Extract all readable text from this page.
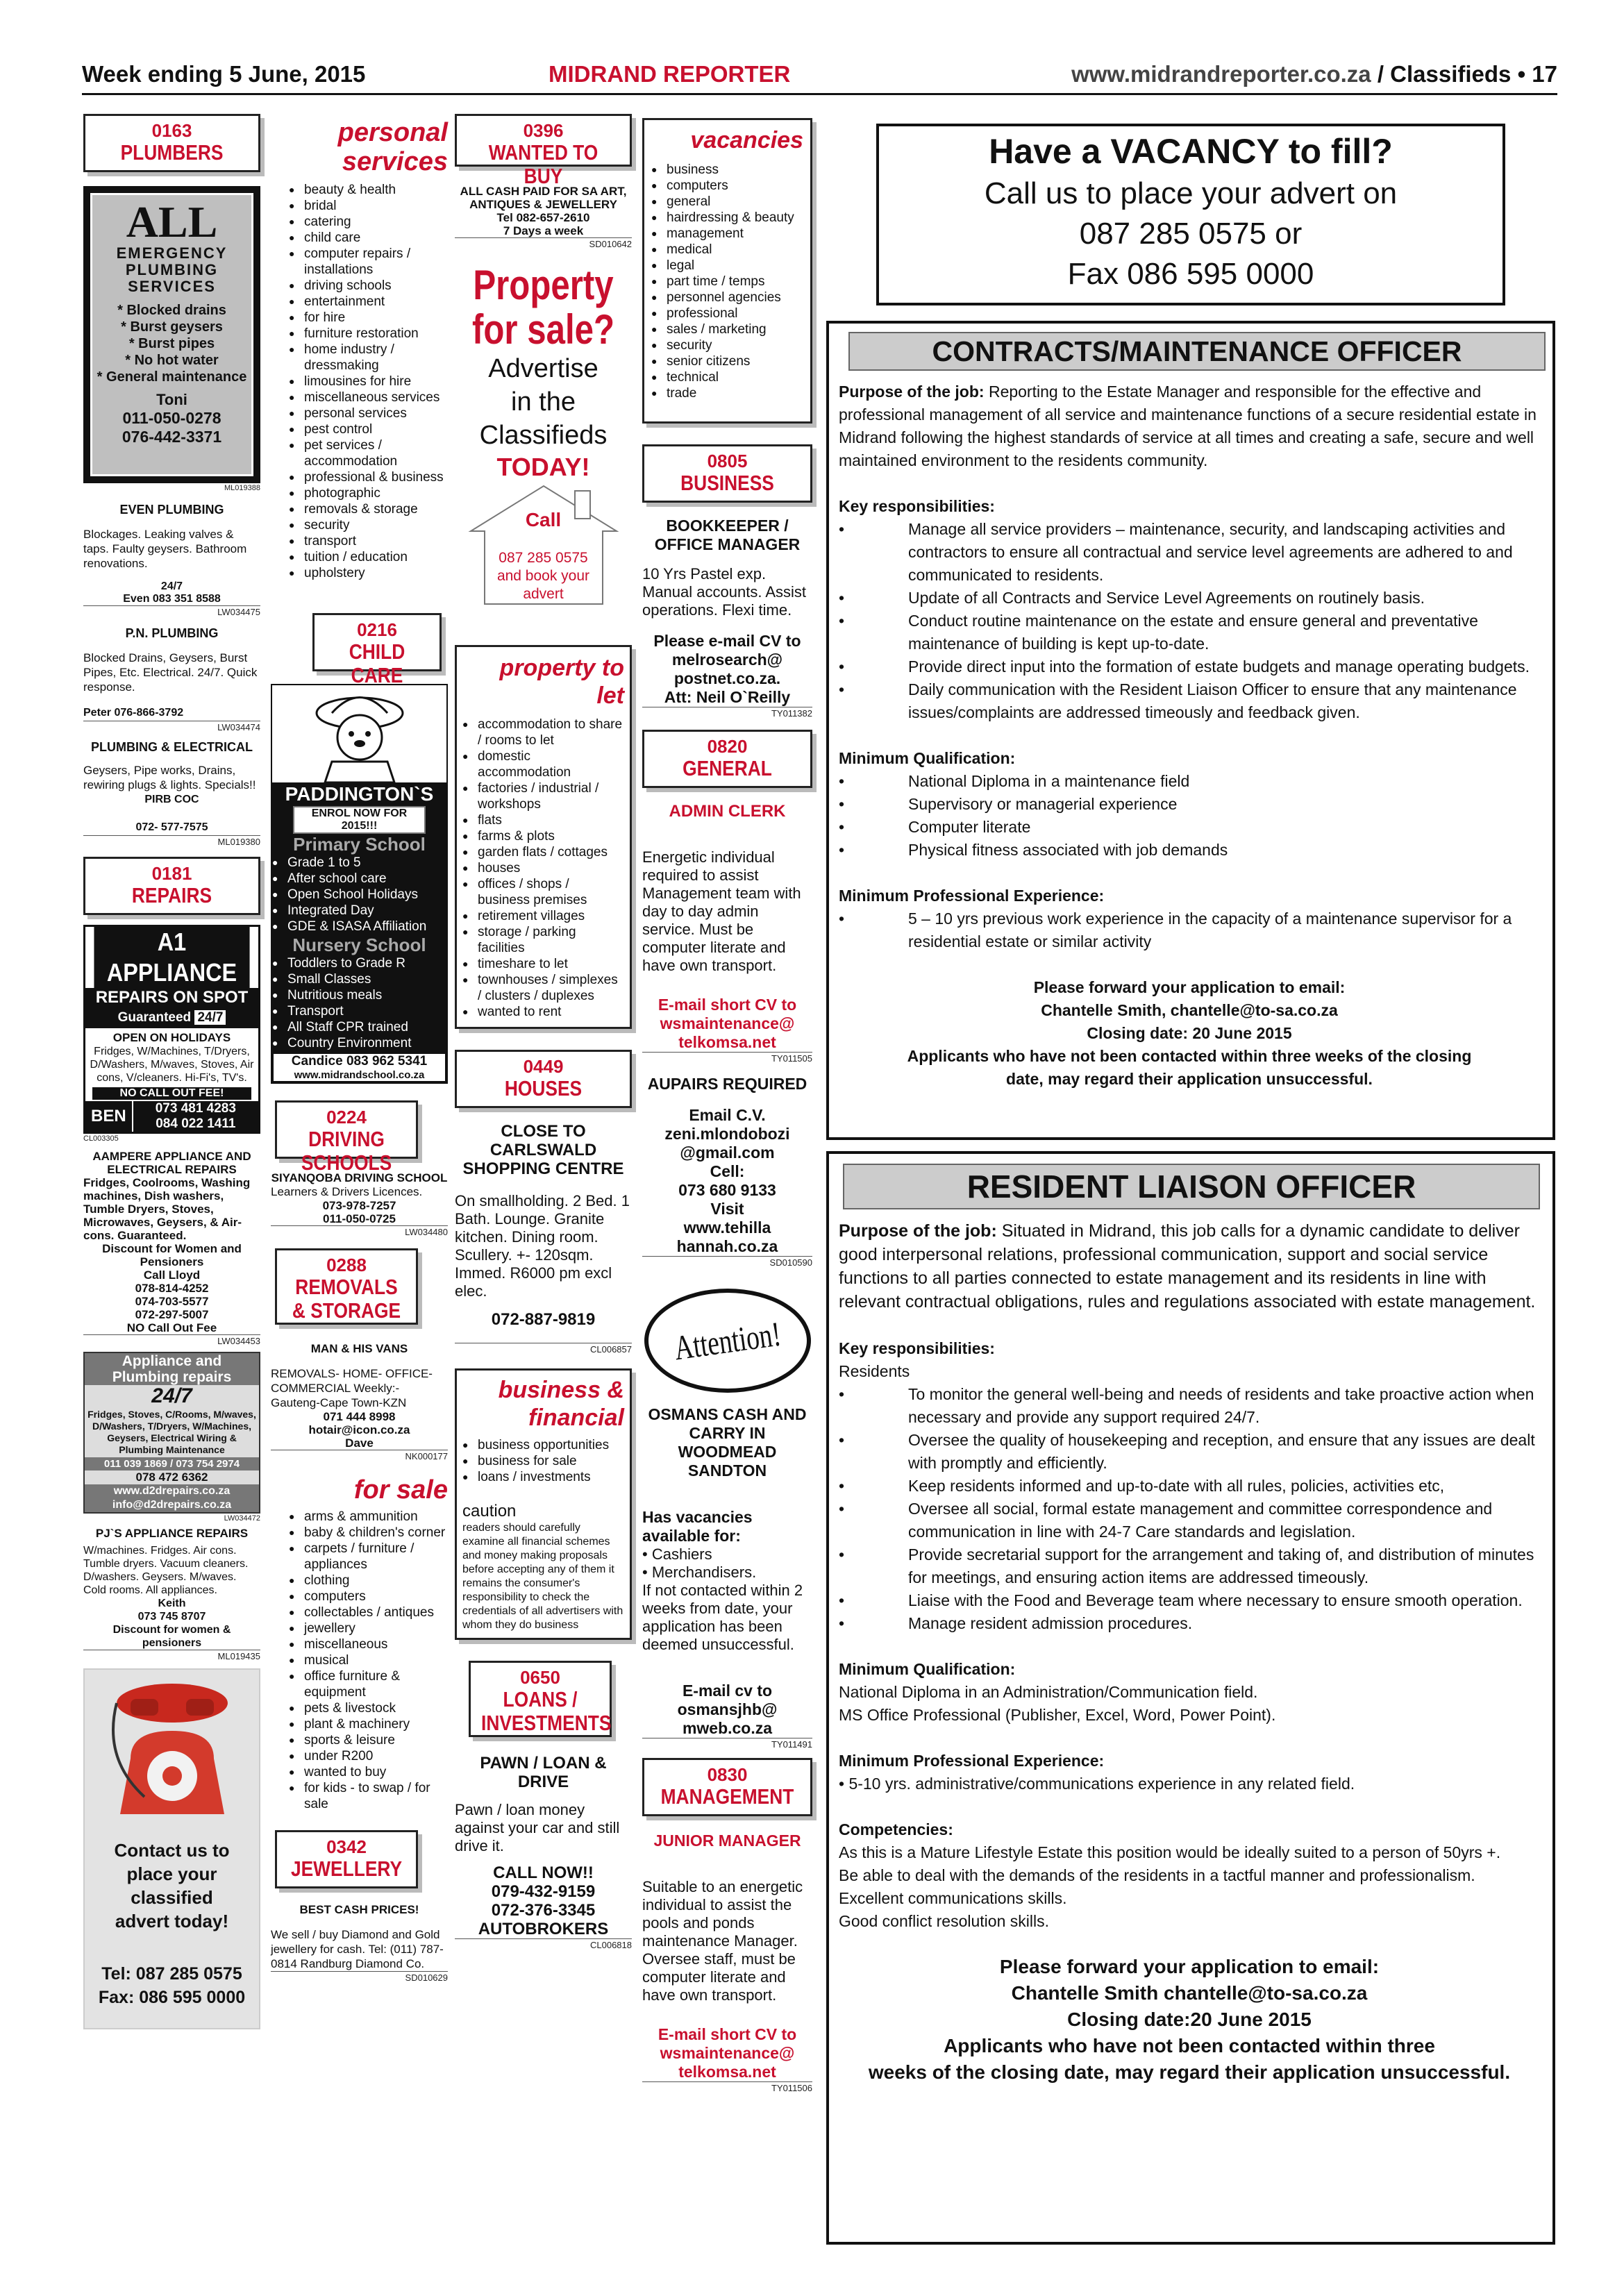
Week ending 5 June, 2015	MIDRAND REPORTER	www.midrandreporter.co.za / Classifieds • 17
0163
PLUMBERS
ALL
EMERGENCY PLUMBING SERVICES
* Blocked drains
* Burst geysers
* Burst pipes
* No hot water
* General maintenance
Toni
011-050-0278
076-442-3371
ML019388
EVEN PLUMBING
Blockages. Leaking valves & taps. Faulty geysers. Bathroom renovations.
24/7
Even 083 351 8588
LW034475
P.N. PLUMBING
Blocked Drains, Geysers, Burst Pipes, Etc. Electrical. 24/7. Quick response.
Peter 076-866-3792
LW034474
PLUMBING & ELECTRICAL
Geysers, Pipe works, Drains, rewiring plugs & lights. Specials!!
PIRB COC
072- 577-7575
ML019380
0181
REPAIRS
A1 APPLIANCE
REPAIRS ON SPOT
Guaranteed 24/7
OPEN ON HOLIDAYS
Fridges, W/Machines, T/Dryers, D/Washers, M/waves, Stoves, Air cons, V/cleaners. Hi-Fi's, TV's.
NO CALL OUT FEE!
BEN	073 481 4283
084 022 1411
CL003305
AAMPERE APPLIANCE AND ELECTRICAL REPAIRS
Fridges, Coolrooms, Washing machines, Dish washers, Tumble Dryers, Stoves, Microwaves, Geysers, & Air-cons. Guaranteed.
Discount for Women and Pensioners
Call Lloyd
078-814-4252
074-703-5577
072-297-5007
NO Call Out Fee
LW034453
Appliance and
Plumbing repairs
24/7
Fridges, Stoves, C/Rooms, M/waves, D/Washers, T/Dryers, W/Machines, Geysers, Electrical Wiring & Plumbing Maintenance
011 039 1869 / 073 754 2974
078 472 6362
www.d2drepairs.co.za
info@d2drepairs.co.za
LW034472
PJ`S APPLIANCE REPAIRS
W/machines. Fridges. Air cons. Tumble dryers. Vacuum cleaners. D/washers. Geysers. M/waves. Cold rooms. All appliances.
Keith
073 745 8707
Discount for women & pensioners
ML019435
Contact us to
place your
classified
advert today!
Tel: 087 285 0575
Fax: 086 595 0000
personal
services
● beauty & health
● bridal
● catering
● child care
● computer repairs / installations
● driving schools
● entertainment
● for hire
● furniture restoration
● home industry / dressmaking
● limousines for hire
● miscellaneous services
● personal services
● pest control
● pet services / accommodation
● professional & business
● photographic
● removals & storage
● security
● transport
● tuition / education
● upholstery
0216
CHILD CARE
PADDINGTON`S
ENROL NOW FOR
2015!!!
Primary School
● Grade 1 to 5
● After school care
● Open School Holidays
● Integrated Day
● GDE & ISASA Affiliation
Nursery School
● Toddlers to Grade R
● Small Classes
● Nutritious meals
● Transport
● All Staff CPR trained
● Country Environment
Candice 083 962 5341
www.midrandschool.co.za
0224
DRIVING SCHOOLS
SIYANQOBA DRIVING SCHOOL
Learners & Drivers Licences.
073-978-7257
011-050-0725
LW034480
0288
REMOVALS & STORAGE
MAN & HIS VANS
REMOVALS- HOME- OFFICE- COMMERCIAL Weekly:-Gauteng-Cape Town-KZN
071 444 8998
hotair@icon.co.za
Dave
NK000177
for sale
● arms & ammunition
● baby & children's corner
● carpets / furniture / appliances
● clothing
● computers
● collectables / antiques
● jewellery
● miscellaneous
● musical
● office furniture & equipment
● pets & livestock
● plant & machinery
● sports & leisure
● under R200
● wanted to buy
● for kids - to swap / for sale
0342
JEWELLERY
BEST CASH PRICES!
We sell / buy Diamond and Gold jewellery for cash. Tel: (011) 787-0814 Randburg Diamond Co.
SD010629
0396
WANTED TO BUY
ALL CASH PAID FOR SA ART, ANTIQUES & JEWELLERY
Tel 082-657-2610
7 Days a week
SD010642
Property
for sale?
Advertise
in the
Classifieds
TODAY!
Call
087 285 0575
and book your
advert
property to
let
● accommodation to share / rooms to let
● domestic accommodation
● factories / industrial / workshops
● flats
● farms & plots
● garden flats / cottages
● houses
● offices / shops / business premises
● retirement villages
● storage / parking facilities
● timeshare to let
● townhouses / simplexes / clusters / duplexes
● wanted to rent
0449
HOUSES
CLOSE TO CARLSWALD SHOPPING CENTRE
On smallholding. 2 Bed. 1 Bath. Lounge. Granite kitchen. Dining room. Scullery. +- 120sqm. Immed. R6000 pm excl elec.
072-887-9819
CL006857
business &
financial
● business opportunities
● business for sale
● loans / investments
caution
readers should carefully examine all financial schemes and money making proposals before accepting any of them it remains the consumer's responsibility to check the credentials of all advertisers with whom they do business
0650
LOANS / INVESTMENTS
PAWN / LOAN & DRIVE
Pawn / loan money against your car and still drive it.
CALL NOW!!
079-432-9159
072-376-3345
AUTOBROKERS
CL006818
vacancies
● business
● computers
● general
● hairdressing & beauty
● management
● medical
● legal
● part time / temps
● personnel agencies
● professional
● sales / marketing
● security
● senior citizens
● technical
● trade
0805
BUSINESS
BOOKKEEPER / OFFICE MANAGER
10 Yrs Pastel exp. Manual accounts. Assist operations. Flexi time.
Please e-mail CV to
melrosearch@
postnet.co.za.
Att: Neil O`Reilly
TY011382
0820
GENERAL
ADMIN CLERK
Energetic individual required to assist Management team with day to day admin service. Must be computer literate and have own transport.
E-mail short CV to
wsmaintenance@
telkomsa.net
TY011505
AUPAIRS REQUIRED
Email C.V.
zeni.mlondobozi
@gmail.com
Cell:
073 680 9133
Visit
www.tehilla
hannah.co.za
SD010590
Attention!
OSMANS CASH AND CARRY IN WOODMEAD SANDTON
Has vacancies available for:
• Cashiers
• Merchandisers.
If not contacted within 2 weeks from date, your application has been deemed unsuccessful.
E-mail cv to
osmansjhb@
mweb.co.za
TY011491
0830
MANAGEMENT
JUNIOR MANAGER
Suitable to an energetic individual to assist the pools and ponds maintenance Manager. Oversee staff, must be computer literate and have own transport.
E-mail short CV to
wsmaintenance@
telkomsa.net
TY011506
Have a VACANCY to fill?
Call us to place your advert on
087 285 0575 or
Fax 086 595 0000
CONTRACTS/MAINTENANCE OFFICER

Purpose of the job: Reporting to the Estate Manager and responsible for the effective and professional management of all service and maintenance functions of a secure residential estate in Midrand following the highest standards of service at all times and creating a safe, secure and well maintained environment to the residents community.

Key responsibilities:

• Manage all service providers – maintenance, security, and landscaping activities and contractors to ensure all contractual and service level agreements are adhered to and communicated to residents.
• Update of all Contracts and Service Level Agreements on routinely basis.
• Conduct routine maintenance on the estate and ensure general and preventative maintenance of building is kept up-to-date.
• Provide direct input into the formation of estate budgets and manage operating budgets.
• Daily communication with the Resident Liaison Officer to ensure that any maintenance issues/complaints are addressed timeously and feedback given.

Minimum Qualification:

• National Diploma in a maintenance field
• Supervisory or managerial experience
• Computer literate
• Physical fitness associated with job demands

Minimum Professional Experience:

• 5 – 10 yrs previous work experience in the capacity of a maintenance supervisor for a residential estate or similar activity
Please forward your application to email:
Chantelle Smith, chantelle@to-sa.co.za
Closing date: 20 June 2015
Applicants who have not been contacted within three weeks of the closing date, may regard their application unsuccessful.
RESIDENT LIAISON OFFICER

Purpose of the job: Situated in Midrand, this job calls for a dynamic candidate to deliver good interpersonal relations, professional communication, support and social service functions to all parties connected to estate management and its residents in line with relevant contractual obligations, rules and regulations associated with estate management.

Key responsibilities:

Residents

• To monitor the general well-being and needs of residents and take proactive action when necessary and provide any support required 24/7.
• Oversee the quality of housekeeping and reception, and ensure that any issues are dealt with promptly and efficiently.
• Keep residents informed and up-to-date with all rules, policies, activities etc,
• Oversee all social, formal estate management and committee correspondence and communication in line with 24-7 Care standards and legislation.
• Provide secretarial support for the arrangement and taking of, and distribution of minutes for meetings, and ensuring action items are addressed timeously.
• Liaise with the Food and Beverage team where necessary to ensure smooth operation.
• Manage resident admission procedures.

Minimum Qualification:

National Diploma in an Administration/Communication field.

MS Office Professional (Publisher, Excel, Word, Power Point).

Minimum Professional Experience:

• 5-10 yrs. administrative/communications experience in any related field.

Competencies:

As this is a Mature Lifestyle Estate this position would be ideally suited to a person of 50yrs +.

Be able to deal with the demands of the residents in a tactful manner and professionalism.

Excellent communications skills.

Good conflict resolution skills.

Please forward your application to email:
Chantelle Smith chantelle@to-sa.co.za
Closing date:20 June 2015
Applicants who have not been contacted within three
weeks of the closing date, may regard their application unsuccessful.
